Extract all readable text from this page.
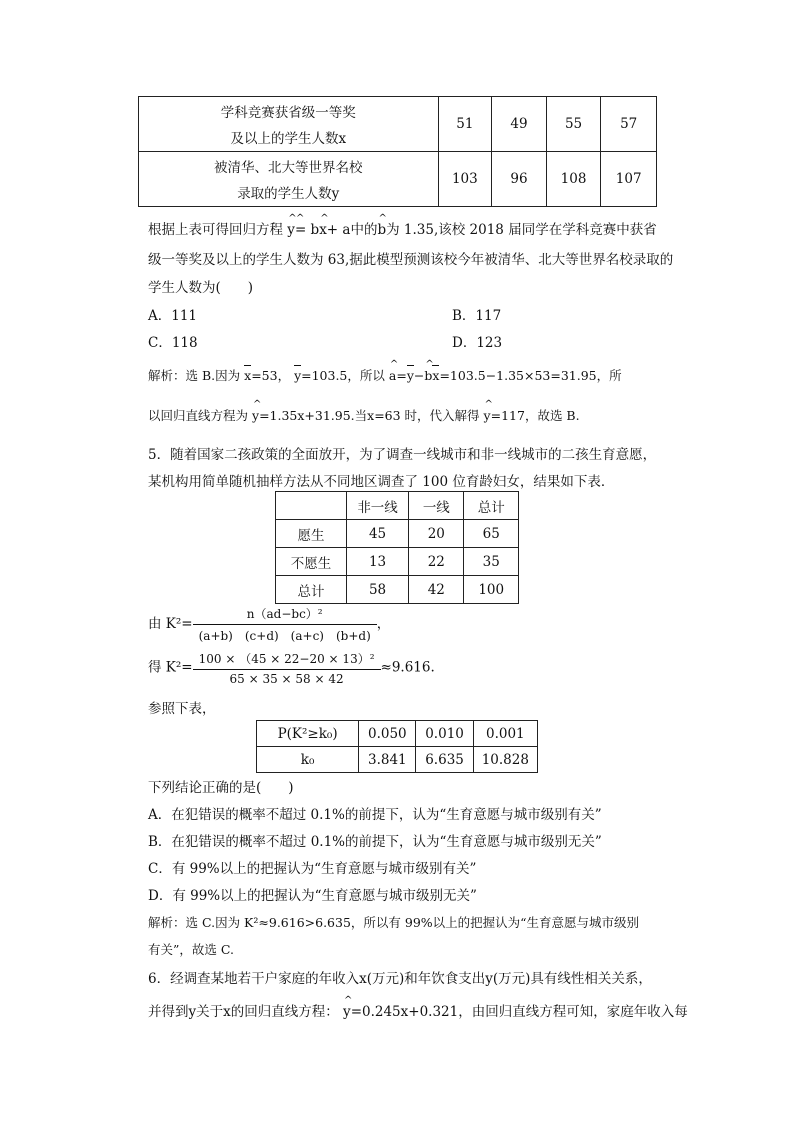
学科竞赛获省级一等奖
及以上的学生人数x	51	49	55	57

被清华、北大等世界名校
录取的学生人数y	103	96	108	107
根据上表可得回归方程 ^ y^ = b^ x+ a中的^ b为 1.35,该校 2018 届同学在学科竞赛中获省
级一等奖及以上的学生人数为 63,据此模型预测该校今年被清华、北大等世界名校录取的
学生人数为(　　)
A．111	B．117
C．118	D．123
解析：选 B.因为 x=53， y=103.5，所以 ^ a=y−^ bx=103.5−1.35×53=31.95，所
以回归直线方程为 ^ y=1.35x+31.95.当x=63 时，代入解得 ^ y=117，故选 B.
5．随着国家二孩政策的全面放开，为了调查一线城市和非一线城市的二孩生育意愿，
某机构用简单随机抽样方法从不同地区调查了 100 位育龄妇女，结果如下表．
	非一线	一线	总计
愿生	45	20	65
不愿生	13	22	35
总计	58	42	100
由 $K^2= \frac{\text{n（ad−bc）²}}{(a+b) (c+d) (a+c) (b+d)}$ ，
得 $K^2= \frac{\text{100 × （45 × 22−20 × 13）²}}{65 \times 35 \times 58 \times 42} \approx 9.616$.
参照下表，
P(K²≥k₀)	0.050	0.010	0.001
k₀	3.841	6.635	10.828
下列结论正确的是(　　)
A．在犯错误的概率不超过 0.1%的前提下，认为“生育意愿与城市级别有关”
B．在犯错误的概率不超过 0.1%的前提下，认为“生育意愿与城市级别无关”
C．有 99%以上的把握认为“生育意愿与城市级别有关”
D．有 99%以上的把握认为“生育意愿与城市级别无关”
解析：选 C.因为 K²≈9.616>6.635，所以有 99%以上的把握认为“生育意愿与城市级别
有关”，故选 C.
6．经调查某地若干户家庭的年收入x(万元)和年饮食支出y(万元)具有线性相关关系，
并得到y关于x的回归直线方程： ^ y=0.245x+0.321，由回归直线方程可知，家庭年收入每
